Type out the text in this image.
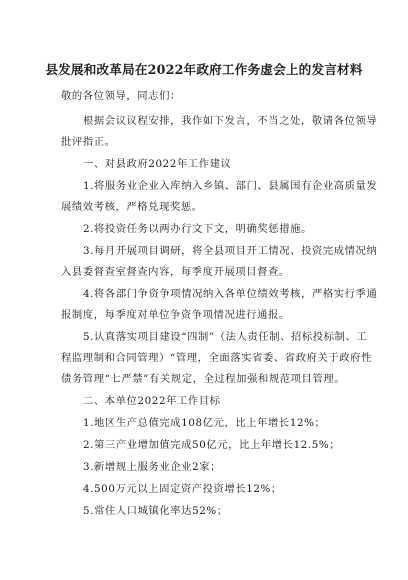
县发展和改革局在2022年政府工作务虚会上的发言材料
敬的各位领导，同志们：
根据会议议程安排，我作如下发言，不当之处，敬请各位领导
批评指正。
一、对县政府2022年工作建议
1.将服务业企业入库纳入乡镇、部门、县属国有企业高质量发
展绩效考核，严格兑现奖惩。
2.将投资任务以两办行文下文，明确奖惩措施。
3.每月开展项目调研，将全县项目开工情况、投资完成情况纳
入县委督查室督查内容，每季度开展项目督查。
4.将各部门争资争项情况纳入各单位绩效考核，严格实行季通
报制度，每季度对单位争资争项情况进行通报。
5.认真落实项目建设“四制”（法人责任制、招标投标制、工
程监理制和合同管理）“管理，全面落实省委、省政府关于政府性
债务管理“七严禁”有关规定，全过程加强和规范项目管理。
二、本单位2022年工作目标
1.地区生产总值完成108亿元，比上年增长12%；
2.第三产业增加值完成50亿元，比上年增长12.5%；
3.新增规上服务业企业2家；
4.500万元以上固定资产投资增长12%；
5.常住人口城镇化率达52%；
